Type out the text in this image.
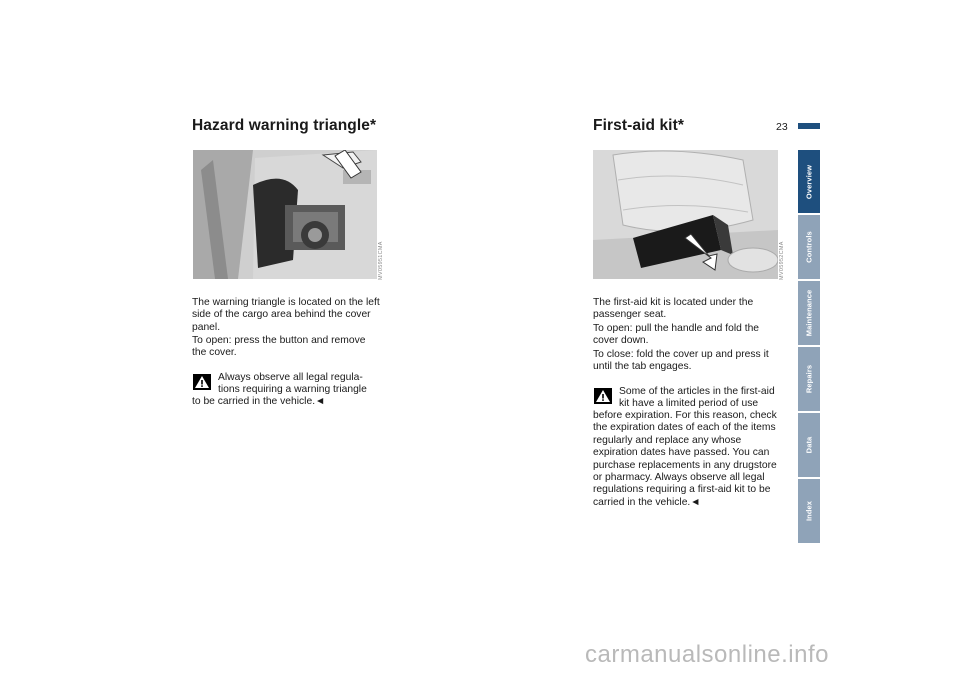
Hazard warning triangle*
MV05951CMA

The warning triangle is located on the left side of the cargo area behind the cover panel.

To open: press the button and remove the cover.

Always observe all legal regula-

tions requiring a warning triangle

to be carried in the vehicle.◄

First-aid kit*	23
MV05952CMA

The first-aid kit is located under the passenger seat.

To open: pull the handle and fold the cover down.

To close: fold the cover up and press it until the tab engages.

Some of the articles in the first-aid

kit have a limited period of use

before expiration. For this reason, check the expiration dates of each of the items regularly and replace any whose expiration dates have passed. You can purchase replacements in any drugstore or pharmacy. Always observe all legal regulations requiring a first-aid kit to be carried in the vehicle.◄

Overview
Controls
Maintenance
Repairs
Data
Index
carmanualsonline.info
